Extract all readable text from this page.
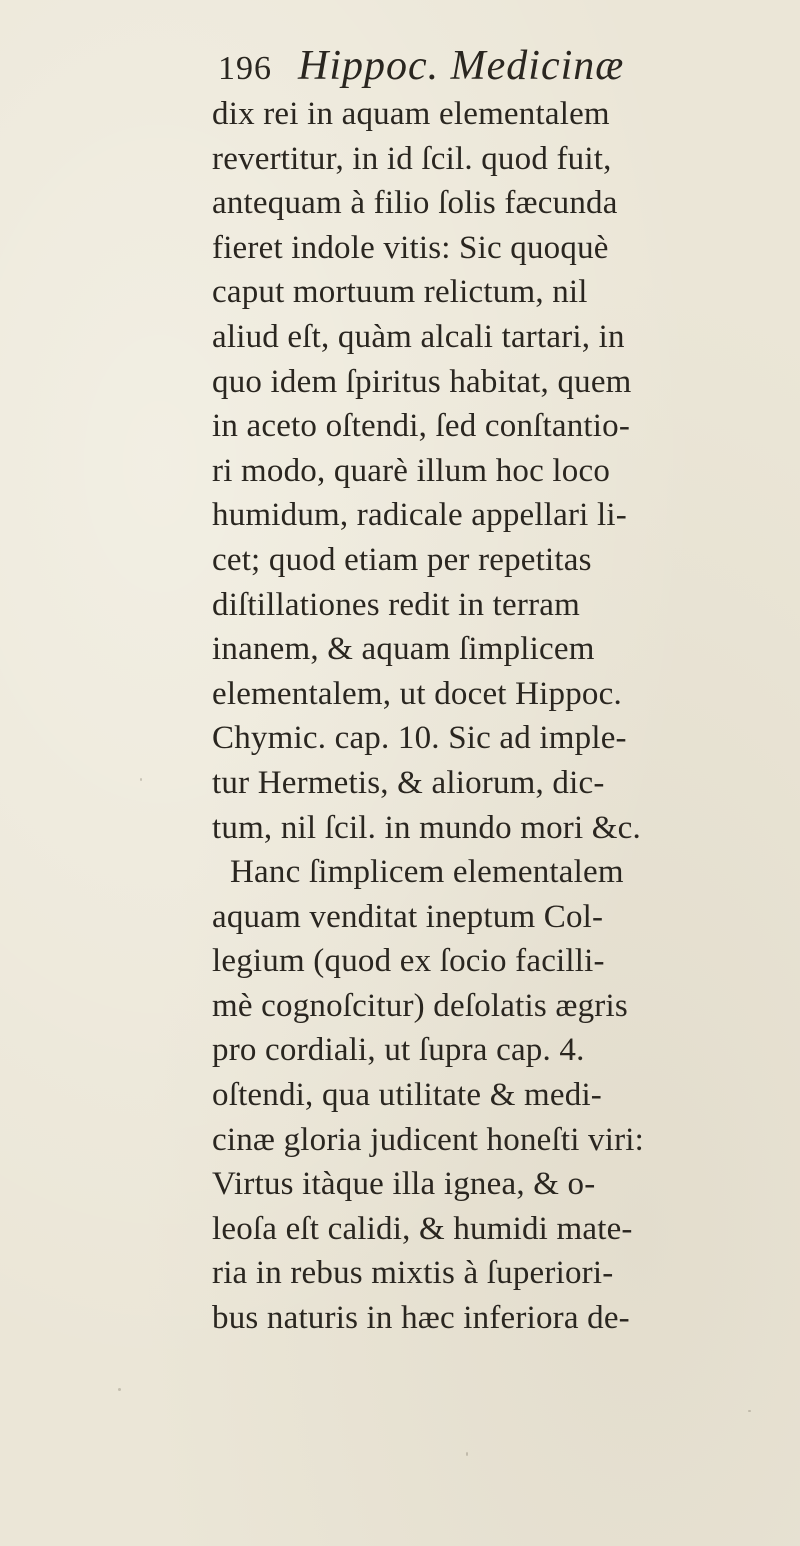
196 Hippoc. Medicinæ
dix rei in aquam elementalem
revertitur, in id ſcil. quod fuit,
antequam à filio ſolis fæcunda
fieret indole vitis: Sic quoquè
caput mortuum relictum, nil
aliud eſt, quàm alcali tartari, in
quo idem ſpiritus habitat, quem
in aceto oſtendi, ſed conſtantio-
ri modo, quarè illum hoc loco
humidum, radicale appellari li-
cet; quod etiam per repetitas
diſtillationes redit in terram
inanem, & aquam ſimplicem
elementalem, ut docet Hippoc.
Chymic. cap. 10. Sic ad imple-
tur Hermetis, & aliorum, dic-
tum, nil ſcil. in mundo mori &c.
Hanc ſimplicem elementalem
aquam venditat ineptum Col-
legium (quod ex ſocio facilli-
mè cognoſcitur) deſolatis ægris
pro cordiali, ut ſupra cap. 4.
oſtendi, qua utilitate & medi-
cinæ gloria judicent honeſti viri:
Virtus itàque illa ignea, & o-
leoſa eſt calidi, & humidi mate-
ria in rebus mixtis à ſuperiori-
bus naturis in hæc inferiora de-
